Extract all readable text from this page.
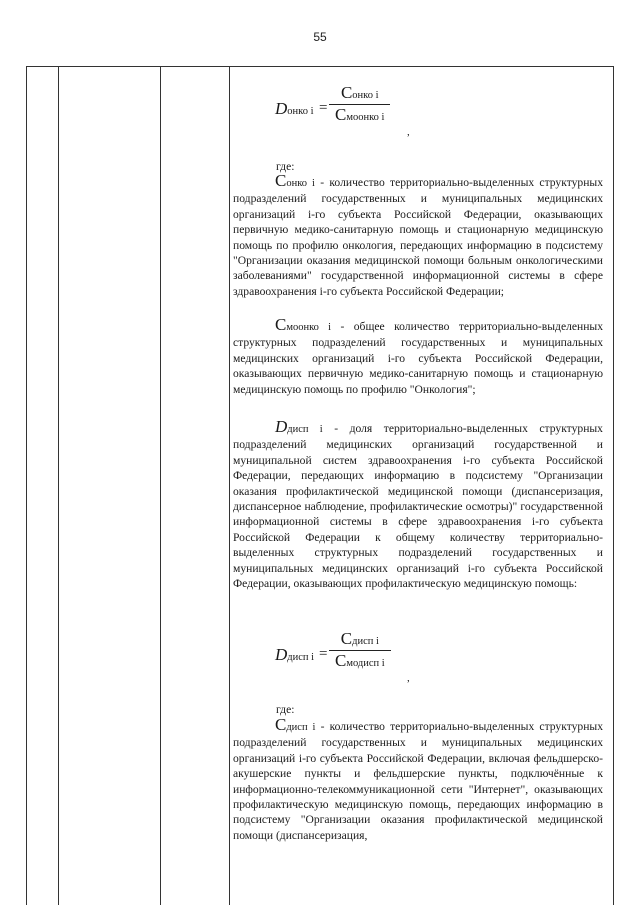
55
Dонко i =
Cонко i
Cмоонко i
,
где:

Cонко i - количество территориально-выделенных структурных подразделений государственных и муниципальных медицинских организаций i-го субъекта Российской Федерации, оказывающих первичную медико-санитарную помощь и стационарную медицинскую помощь по профилю онкология, передающих информацию в подсистему "Организации оказания медицинской помощи больным онкологическими заболеваниями" государственной информационной системы в сфере здравоохранения i-го субъекта Российской Федерации;

Cмоонко i - общее количество территориально-выделенных структурных подразделений государственных и муниципальных медицинских организаций i-го субъекта Российской Федерации, оказывающих первичную медико-санитарную помощь и стационарную медицинскую помощь по профилю "Онкология";

Dдисп i - доля территориально-выделенных структурных подразделений медицинских организаций государственной и муниципальной систем здравоохранения i-го субъекта Российской Федерации, передающих информацию в подсистему "Организации оказания профилактической медицинской помощи (диспансеризация, диспансерное наблюдение, профилактические осмотры)" государственной информационной системы в сфере здравоохранения i-го субъекта Российской Федерации к общему количеству территориально-выделенных структурных подразделений государственных и муниципальных медицинских организаций i-го субъекта Российской Федерации, оказывающих профилактическую медицинскую помощь:

Dдисп i =
Cдисп i
Cмодисп i
,
где:

Cдисп i - количество территориально-выделенных структурных подразделений государственных и муниципальных медицинских организаций i-го субъекта Российской Федерации, включая фельдшерско-акушерские пункты и фельдшерские пункты, подключённые к информационно-телекоммуникационной сети "Интернет", оказывающих профилактическую медицинскую помощь, передающих информацию в подсистему "Организации оказания профилактической медицинской помощи (диспансеризация,
